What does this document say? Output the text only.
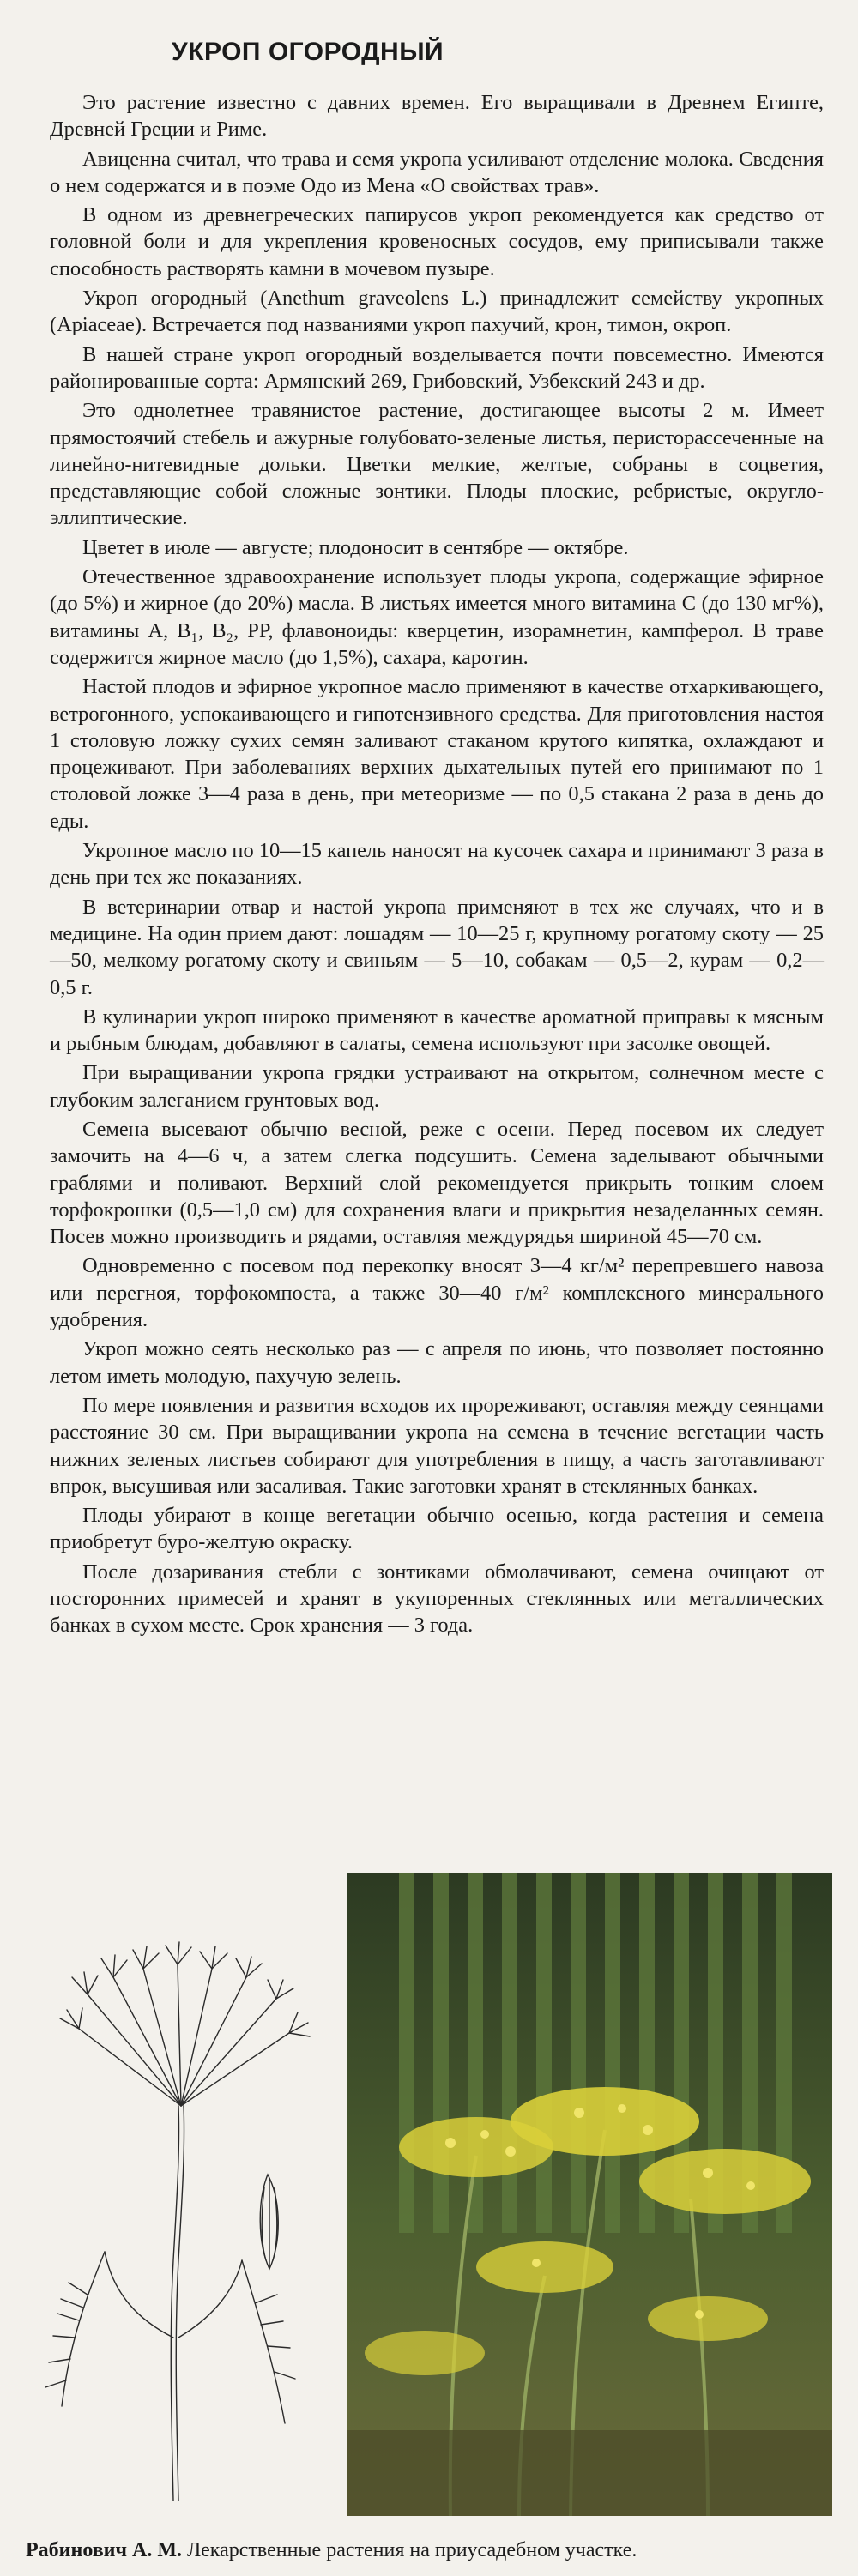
УКРОП ОГОРОДНЫЙ

Это растение известно с давних времен. Его выращивали в Древнем Египте, Древней Греции и Риме.

Авиценна считал, что трава и семя укропа усиливают отделение молока. Сведения о нем содержатся и в поэме Одо из Мена «О свойствах трав».

В одном из древнегреческих папирусов укроп рекомендуется как средство от головной боли и для укрепления кровеносных сосудов, ему приписывали также способность растворять камни в мочевом пузыре.

Укроп огородный (Anethum graveolens L.) принадлежит семейству укропных (Apiaceae). Встречается под названиями укроп пахучий, крон, тимон, окроп.

В нашей стране укроп огородный возделывается почти повсеместно. Имеются районированные сорта: Армянский 269, Грибовский, Узбекский 243 и др.

Это однолетнее травянистое растение, достигающее высоты 2 м. Имеет прямостоячий стебель и ажурные голубовато-зеленые листья, перисторассеченные на линейно-нитевидные дольки. Цветки мелкие, желтые, собраны в соцветия, представляющие собой сложные зонтики. Плоды плоские, ребристые, округло-эллиптические.

Цветет в июле — августе; плодоносит в сентябре — октябре.

Отечественное здравоохранение использует плоды укропа, содержащие эфирное (до 5%) и жирное (до 20%) масла. В листьях имеется много витамина С (до 130 мг%), витамины А, B₁, B₂, РР, флавоноиды: кверцетин, изорамнетин, кампферол. В траве содержится жирное масло (до 1,5%), сахара, каротин.

Настой плодов и эфирное укропное масло применяют в качестве отхаркивающего, ветрогонного, успокаивающего и гипотензивного средства. Для приготовления настоя 1 столовую ложку сухих семян заливают стаканом крутого кипятка, охлаждают и процеживают. При заболеваниях верхних дыхательных путей его принимают по 1 столовой ложке 3—4 раза в день, при метеоризме — по 0,5 стакана 2 раза в день до еды.

Укропное масло по 10—15 капель наносят на кусочек сахара и принимают 3 раза в день при тех же показаниях.

В ветеринарии отвар и настой укропа применяют в тех же случаях, что и в медицине. На один прием дают: лошадям — 10—25 г, крупному рогатому скоту — 25—50, мелкому рогатому скоту и свиньям — 5—10, собакам — 0,5—2, курам — 0,2—0,5 г.

В кулинарии укроп широко применяют в качестве ароматной приправы к мясным и рыбным блюдам, добавляют в салаты, семена используют при засолке овощей.

При выращивании укропа грядки устраивают на открытом, солнечном месте с глубоким залеганием грунтовых вод.

Семена высевают обычно весной, реже с осени. Перед посевом их следует замочить на 4—6 ч, а затем слегка подсушить. Семена заделывают обычными граблями и поливают. Верхний слой рекомендуется прикрыть тонким слоем торфокрошки (0,5—1,0 см) для сохранения влаги и прикрытия незаделанных семян. Посев можно производить и рядами, оставляя междурядья шириной 45—70 см.

Одновременно с посевом под перекопку вносят 3—4 кг/м² перепревшего навоза или перегноя, торфокомпоста, а также 30—40 г/м² комплексного минерального удобрения.

Укроп можно сеять несколько раз — с апреля по июнь, что позволяет постоянно летом иметь молодую, пахучую зелень.

По мере появления и развития всходов их прореживают, оставляя между сеянцами расстояние 30 см. При выращивании укропа на семена в течение вегетации часть нижних зеленых листьев собирают для употребления в пищу, а часть заготавливают впрок, высушивая или засаливая. Такие заготовки хранят в стеклянных банках.

Плоды убирают в конце вегетации обычно осенью, когда растения и семена приобретут буро-желтую окраску.

После дозаривания стебли с зонтиками обмолачивают, семена очищают от посторонних примесей и хранят в укупоренных стеклянных или металлических банках в сухом месте. Срок хранения — 3 года.

Рабинович А. М. Лекарственные растения на приусадебном участке.
